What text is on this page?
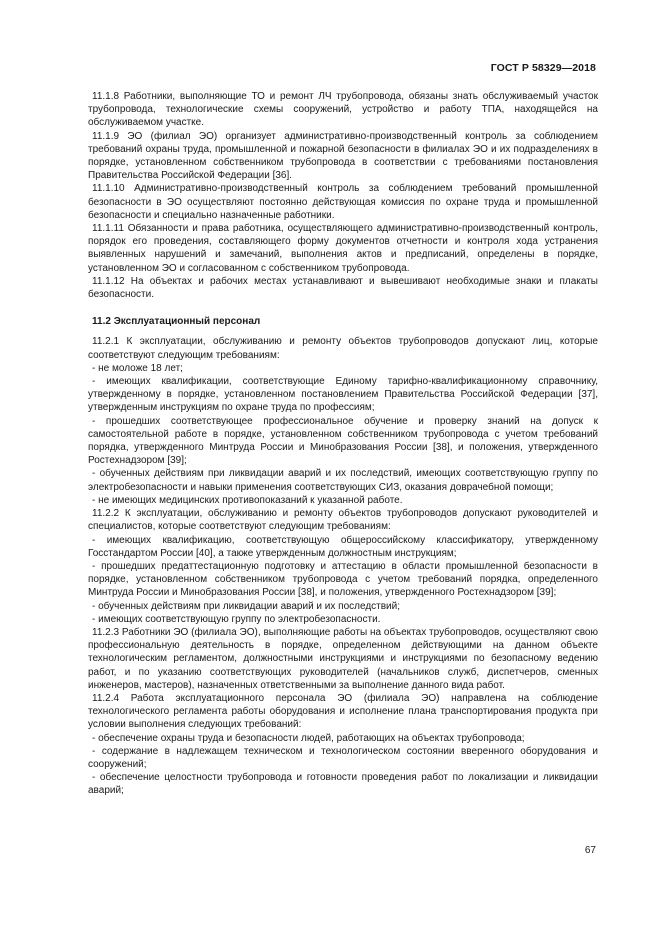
ГОСТ Р 58329—2018

11.1.8 Работники, выполняющие ТО и ремонт ЛЧ трубопровода, обязаны знать обслуживаемый участок трубопровода, технологические схемы сооружений, устройство и работу ТПА, находящейся на обслуживаемом участке.

11.1.9 ЭО (филиал ЭО) организует административно-производственный контроль за соблюдением требований охраны труда, промышленной и пожарной безопасности в филиалах ЭО и их подразделениях в порядке, установленном собственником трубопровода в соответствии с требованиями постановления Правительства Российской Федерации [36].

11.1.10 Административно-производственный контроль за соблюдением требований промышленной безопасности в ЭО осуществляют постоянно действующая комиссия по охране труда и промышленной безопасности и специально назначенные работники.

11.1.11 Обязанности и права работника, осуществляющего административно-производственный контроль, порядок его проведения, составляющего форму документов отчетности и контроля хода устранения выявленных нарушений и замечаний, выполнения актов и предписаний, определены в порядке, установленном ЭО и согласованном с собственником трубопровода.

11.1.12 На объектах и рабочих местах устанавливают и вывешивают необходимые знаки и плакаты безопасности.

11.2 Эксплуатационный персонал

11.2.1 К эксплуатации, обслуживанию и ремонту объектов трубопроводов допускают лиц, которые соответствуют следующим требованиям:

- не моложе 18 лет;

- имеющих квалификации, соответствующие Единому тарифно-квалификационному справочнику, утвержденному в порядке, установленном постановлением Правительства Российской Федерации [37], утвержденным инструкциям по охране труда по профессиям;

- прошедших соответствующее профессиональное обучение и проверку знаний на допуск к самостоятельной работе в порядке, установленном собственником трубопровода с учетом требований порядка, утвержденного Минтруда России и Минобразования России [38], и положения, утвержденного Ростехнадзором [39];

- обученных действиям при ликвидации аварий и их последствий, имеющих соответствующую группу по электробезопасности и навыки применения соответствующих СИЗ, оказания доврачебной помощи;

- не имеющих медицинских противопоказаний к указанной работе.

11.2.2 К эксплуатации, обслуживанию и ремонту объектов трубопроводов допускают руководителей и специалистов, которые соответствуют следующим требованиям:

- имеющих квалификацию, соответствующую общероссийскому классификатору, утвержденному Госстандартом России [40], а также утвержденным должностным инструкциям;

- прошедших предаттестационную подготовку и аттестацию в области промышленной безопасности в порядке, установленном собственником трубопровода с учетом требований порядка, определенного Минтруда России и Минобразования России [38], и положения, утвержденного Ростехнадзором [39];

- обученных действиям при ликвидации аварий и их последствий;

- имеющих соответствующую группу по электробезопасности.

11.2.3 Работники ЭО (филиала ЭО), выполняющие работы на объектах трубопроводов, осуществляют свою профессиональную деятельность в порядке, определенном действующими на данном объекте технологическим регламентом, должностными инструкциями и инструкциями по безопасному ведению работ, и по указанию соответствующих руководителей (начальников служб, диспетчеров, сменных инженеров, мастеров), назначенных ответственными за выполнение данного вида работ.

11.2.4 Работа эксплуатационного персонала ЭО (филиала ЭО) направлена на соблюдение технологического регламента работы оборудования и исполнение плана транспортирования продукта при условии выполнения следующих требований:

- обеспечение охраны труда и безопасности людей, работающих на объектах трубопровода;

- содержание в надлежащем техническом и технологическом состоянии вверенного оборудования и сооружений;

- обеспечение целостности трубопровода и готовности проведения работ по локализации и ликвидации аварий;

67
